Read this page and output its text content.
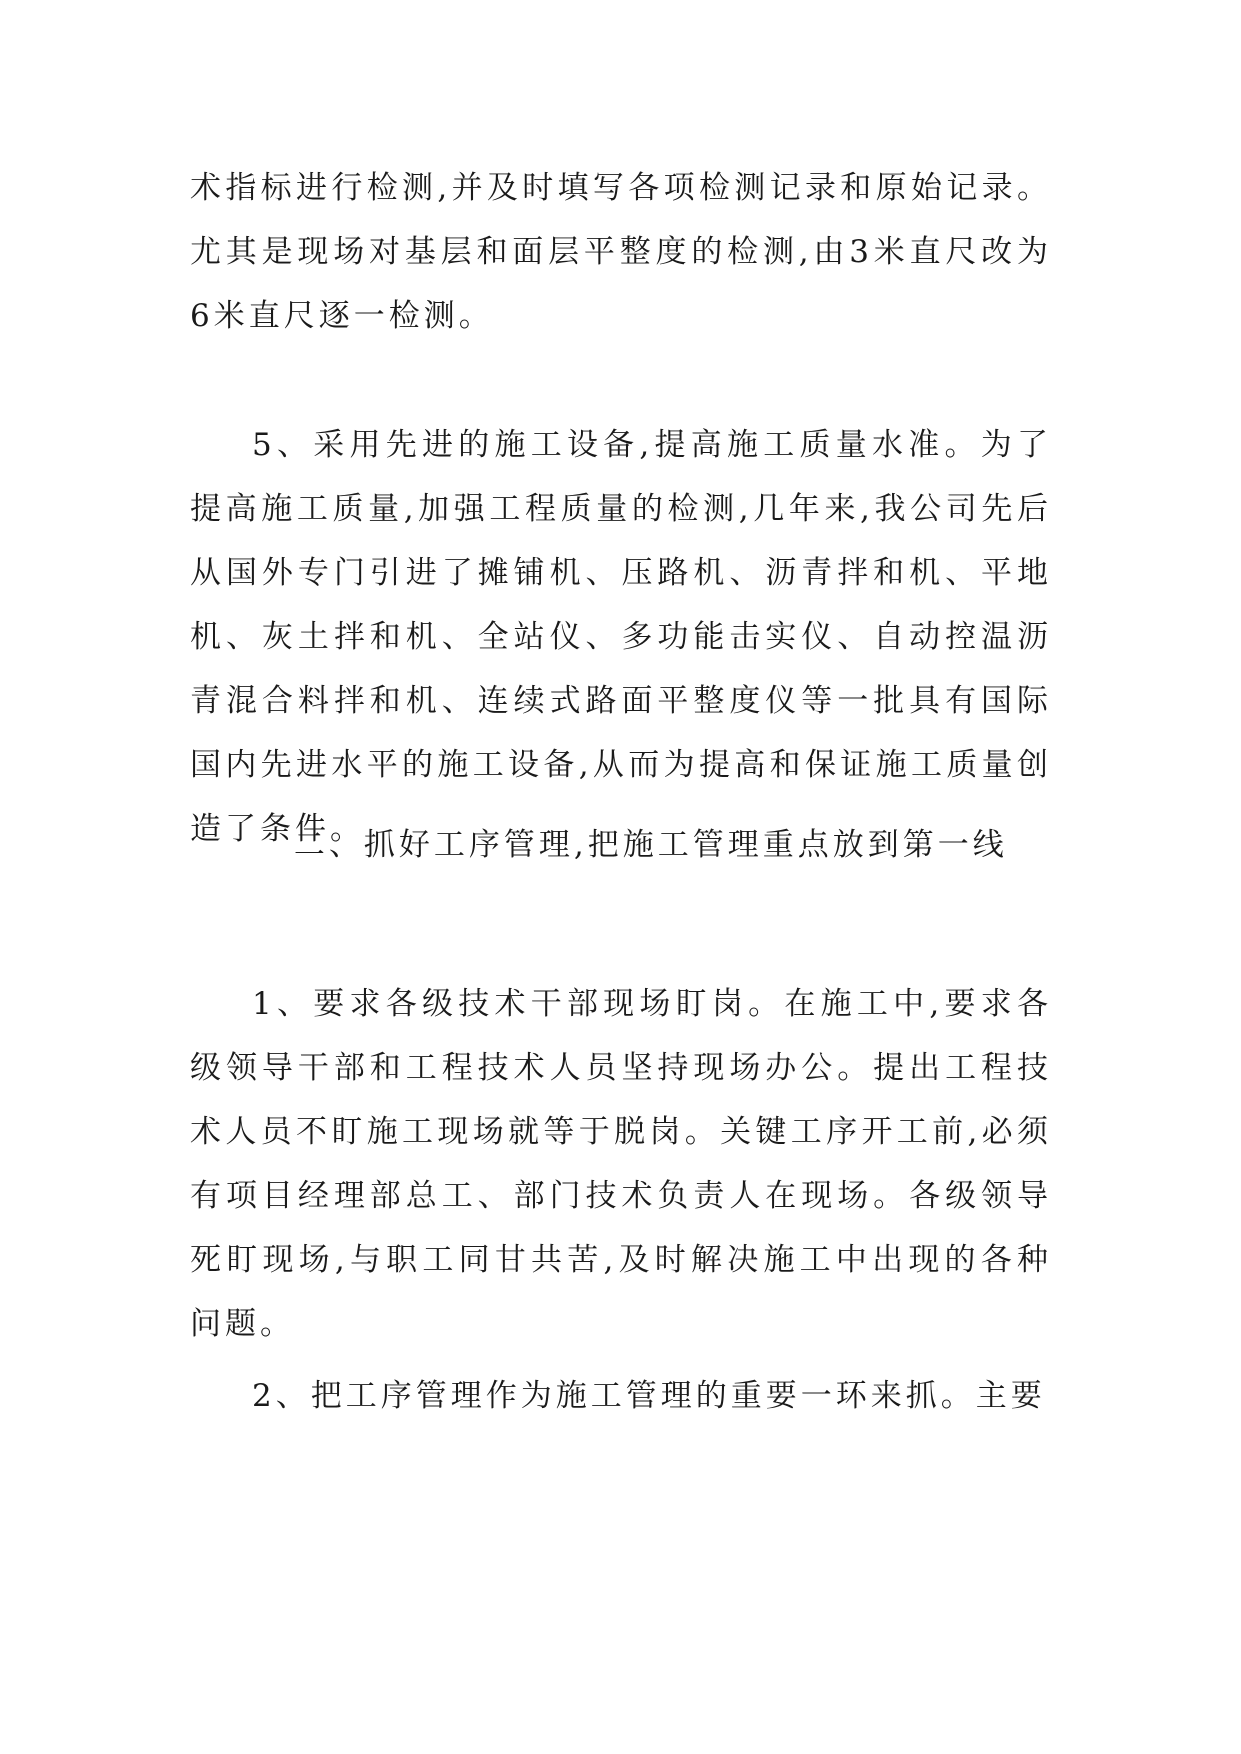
术指标进行检测,并及时填写各项检测记录和原始记录。尤其是现场对基层和面层平整度的检测,由3米直尺改为6米直尺逐一检测。

5、采用先进的施工设备,提高施工质量水准。为了提高施工质量,加强工程质量的检测,几年来,我公司先后从国外专门引进了摊铺机、压路机、沥青拌和机、平地机、灰土拌和机、全站仪、多功能击实仪、自动控温沥青混合料拌和机、连续式路面平整度仪等一批具有国际国内先进水平的施工设备,从而为提高和保证施工质量创造了条件。

二、抓好工序管理,把施工管理重点放到第一线

1、要求各级技术干部现场盯岗。在施工中,要求各级领导干部和工程技术人员坚持现场办公。提出工程技术人员不盯施工现场就等于脱岗。关键工序开工前,必须有项目经理部总工、部门技术负责人在现场。各级领导死盯现场,与职工同甘共苦,及时解决施工中出现的各种问题。

2、把工序管理作为施工管理的重要一环来抓。主要
